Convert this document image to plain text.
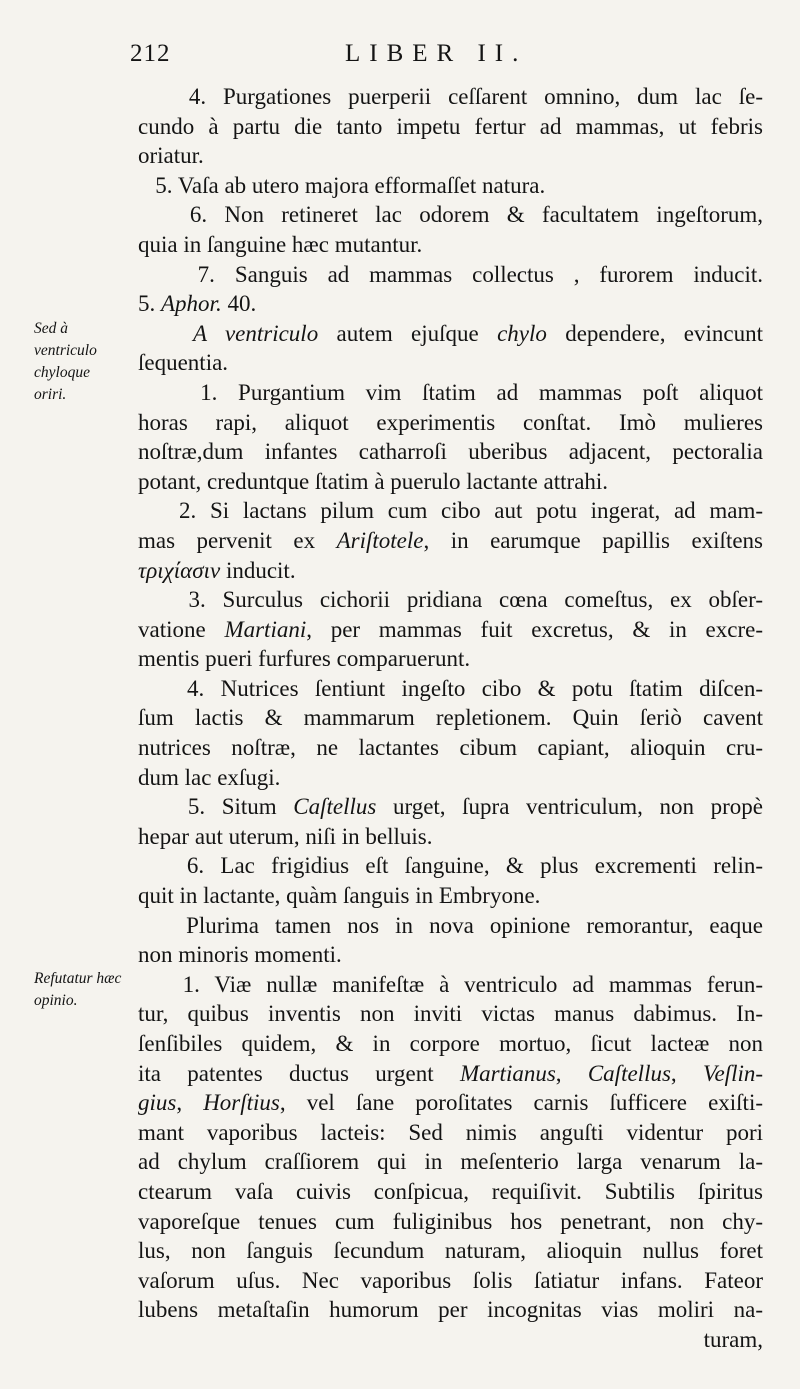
212	LIBER II.

Sed à ventriculo chyloque oriri.

Refutatur hæc opinio.

4. Purgationes puerperii ceſſarent omnino, dum lac ſe-
cundo à partu die tanto impetu fertur ad mammas, ut febris
oriatur.
5. Vaſa ab utero majora efformaſſet natura.
6. Non retineret lac odorem & facultatem ingeſtorum,
quia in ſanguine hæc mutantur.
7. Sanguis ad mammas collectus , furorem inducit.
5. Aphor. 40.
A ventriculo autem ejuſque chylo dependere, evincunt
ſequentia.
1. Purgantium vim ſtatim ad mammas poſt aliquot
horas rapi, aliquot experimentis conſtat. Imò mulieres
noſtræ,dum infantes catharroſi uberibus adjacent, pectoralia
potant, creduntque ſtatim à puerulo lactante attrahi.
2. Si lactans pilum cum cibo aut potu ingerat, ad mam-
mas pervenit ex Ariſtotele, in earumque papillis exiſtens
τριχίασιν inducit.
3. Surculus cichorii pridiana cœna comeſtus, ex obſer-
vatione Martiani, per mammas fuit excretus, & in excre-
mentis pueri furfures comparuerunt.
4. Nutrices ſentiunt ingeſto cibo & potu ſtatim diſcen-
ſum lactis & mammarum repletionem. Quin ſeriò cavent
nutrices noſtræ, ne lactantes cibum capiant, alioquin cru-
dum lac exſugi.
5. Situm Caſtellus urget, ſupra ventriculum, non propè
hepar aut uterum, niſi in belluis.
6. Lac frigidius eſt ſanguine, & plus excrementi relin-
quit in lactante, quàm ſanguis in Embryone.
Plurima tamen nos in nova opinione remorantur, eaque
non minoris momenti.
1. Viæ nullæ manifeſtæ à ventriculo ad mammas ferun-
tur, quibus inventis non inviti victas manus dabimus. In-
ſenſibiles quidem, & in corpore mortuo, ſicut lacteæ non
ita patentes ductus urgent Martianus, Caſtellus, Veſlin-
gius, Horſtius, vel ſane poroſitates carnis ſufficere exiſti-
mant vaporibus lacteis: Sed nimis anguſti videntur pori
ad chylum craſſiorem qui in meſenterio larga venarum la-
ctearum vaſa cuivis conſpicua, requiſivit. Subtilis ſpiritus
vaporeſque tenues cum fuliginibus hos penetrant, non chy-
lus, non ſanguis ſecundum naturam, alioquin nullus foret
vaſorum uſus. Nec vaporibus ſolis ſatiatur infans. Fateor
lubens metaſtaſin humorum per incognitas vias moliri na-
turam,
